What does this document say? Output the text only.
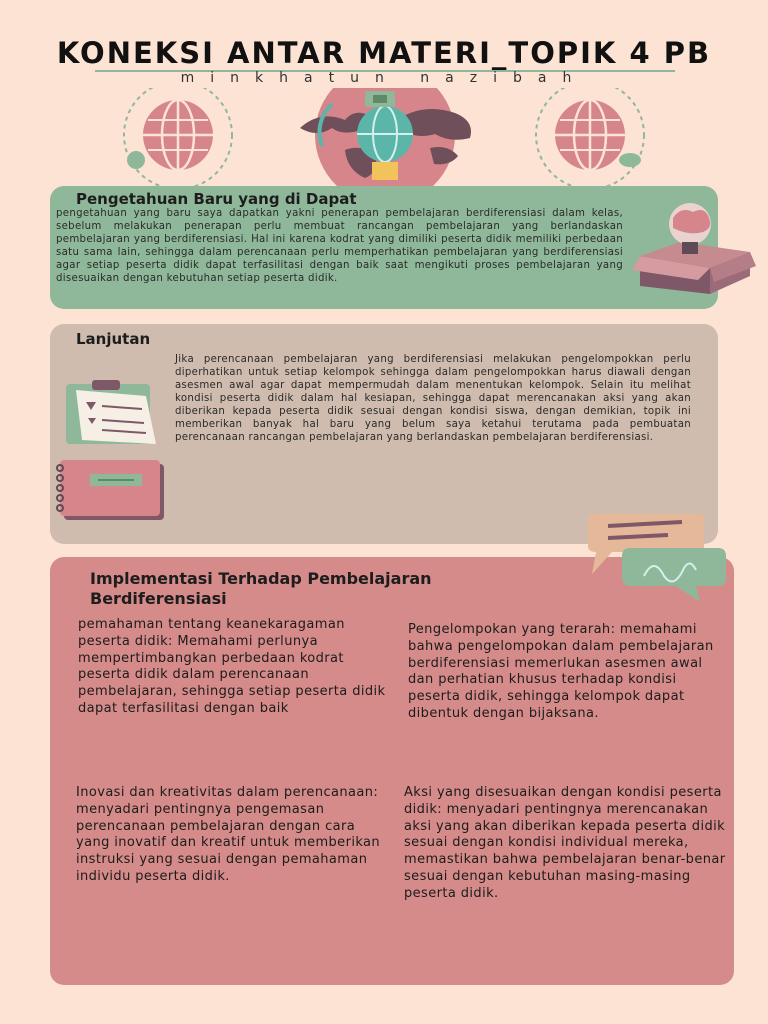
KONEKSI ANTAR MATERI_TOPIK 4 PB
minkhatun nazibah
Pengetahuan Baru yang di Dapat
pengetahuan yang baru saya dapatkan yakni penerapan pembelajaran berdiferensiasi dalam kelas, sebelum melakukan penerapan perlu membuat rancangan pembelajaran yang berlandaskan pembelajaran yang berdiferensiasi. Hal ini karena kodrat yang dimiliki peserta didik memiliki perbedaan satu sama lain, sehingga dalam perencanaan perlu memperhatikan pembelajaran yang berdiferensiasi agar setiap peserta didik dapat terfasilitasi dengan baik saat mengikuti proses pembelajaran yang disesuaikan dengan kebutuhan setiap peserta didik.
Lanjutan
Jika perencanaan pembelajaran yang berdiferensiasi melakukan pengelompokkan perlu diperhatikan untuk setiap kelompok sehingga dalam pengelompokkan harus diawali dengan asesmen awal agar dapat mempermudah dalam menentukan kelompok. Selain itu melihat kondisi peserta didik dalam hal kesiapan, sehingga dapat merencanakan aksi yang akan diberikan kepada peserta didik sesuai dengan kondisi siswa, dengan demikian, topik ini memberikan banyak hal baru yang belum saya ketahui terutama pada pembuatan perencanaan rancangan pembelajaran yang berlandaskan pembelajaran berdiferensiasi.
Implementasi Terhadap Pembelajaran Berdiferensiasi
pemahaman tentang keanekaragaman peserta didik: Memahami perlunya mempertimbangkan perbedaan kodrat peserta didik dalam perencanaan pembelajaran, sehingga setiap peserta didik dapat terfasilitasi dengan baik
Pengelompokan yang terarah: memahami bahwa pengelompokan dalam pembelajaran berdiferensiasi memerlukan asesmen awal dan perhatian khusus terhadap kondisi peserta didik, sehingga kelompok dapat dibentuk dengan bijaksana.
Inovasi dan kreativitas dalam perencanaan: menyadari pentingnya pengemasan perencanaan pembelajaran dengan cara yang inovatif dan kreatif untuk memberikan instruksi yang sesuai dengan pemahaman individu peserta didik.
Aksi yang disesuaikan dengan kondisi peserta didik: menyadari pentingnya merencanakan aksi yang akan diberikan kepada peserta didik sesuai dengan kondisi individual mereka, memastikan bahwa pembelajaran benar-benar sesuai dengan kebutuhan masing-masing peserta didik.
